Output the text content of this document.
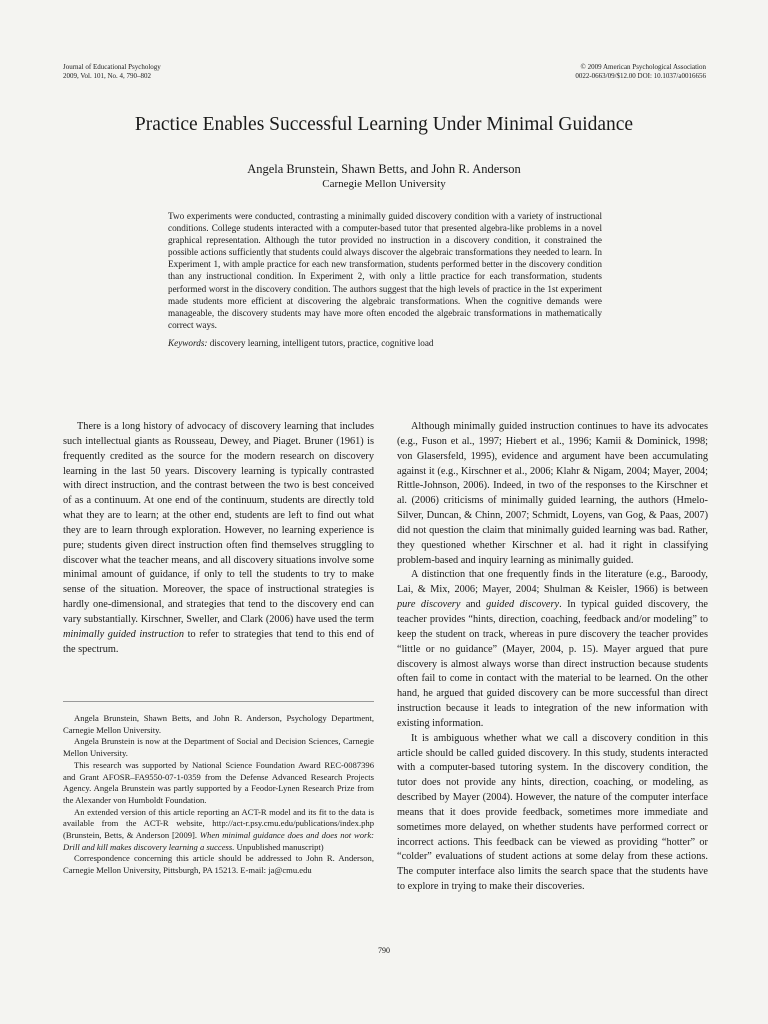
Journal of Educational Psychology
2009, Vol. 101, No. 4, 790–802
© 2009 American Psychological Association
0022-0663/09/$12.00 DOI: 10.1037/a0016656
Practice Enables Successful Learning Under Minimal Guidance
Angela Brunstein, Shawn Betts, and John R. Anderson
Carnegie Mellon University

Two experiments were conducted, contrasting a minimally guided discovery condition with a variety of instructional conditions. College students interacted with a computer-based tutor that presented algebra-like problems in a novel graphical representation. Although the tutor provided no instruction in a discovery condition, it constrained the possible actions sufficiently that students could always discover the algebraic transformations they needed to learn. In Experiment 1, with ample practice for each new transformation, students performed better in the discovery condition than any instructional condition. In Experiment 2, with only a little practice for each transformation, students performed worst in the discovery condition. The authors suggest that the high levels of practice in the 1st experiment made students more efficient at discovering the algebraic transformations. When the cognitive demands were manageable, the discovery students may have more often encoded the algebraic transformations in mathematically correct ways.

Keywords: discovery learning, intelligent tutors, practice, cognitive load

There is a long history of advocacy of discovery learning that includes such intellectual giants as Rousseau, Dewey, and Piaget. Bruner (1961) is frequently credited as the source for the modern research on discovery learning in the last 50 years. Discovery learning is typically contrasted with direct instruction, and the contrast between the two is best conceived of as a continuum. At one end of the continuum, students are directly told what they are to learn; at the other end, students are left to find out what they are to learn through exploration. However, no learning experience is pure; students given direct instruction often find themselves struggling to discover what the teacher means, and all discovery situations involve some minimal amount of guidance, if only to tell the students to try to make sense of the situation. Moreover, the space of instructional strategies is hardly one-dimensional, and strategies that tend to the discovery end can vary substantially. Kirschner, Sweller, and Clark (2006) have used the term minimally guided instruction to refer to strategies that tend to this end of the spectrum.

Angela Brunstein, Shawn Betts, and John R. Anderson, Psychology Department, Carnegie Mellon University.

Angela Brunstein is now at the Department of Social and Decision Sciences, Carnegie Mellon University.

This research was supported by National Science Foundation Award REC-0087396 and Grant AFOSR–FA9550-07-1-0359 from the Defense Advanced Research Projects Agency. Angela Brunstein was partly supported by a Feodor-Lynen Research Prize from the Alexander von Humboldt Foundation.

An extended version of this article reporting an ACT-R model and its fit to the data is available from the ACT-R website, http://act-r.psy.cmu.edu/publications/index.php (Brunstein, Betts, & Anderson [2009]. When minimal guidance does and does not work: Drill and kill makes discovery learning a success. Unpublished manuscript)

Correspondence concerning this article should be addressed to John R. Anderson, Carnegie Mellon University, Pittsburgh, PA 15213. E-mail: ja@cmu.edu

Although minimally guided instruction continues to have its advocates (e.g., Fuson et al., 1997; Hiebert et al., 1996; Kamii & Dominick, 1998; von Glasersfeld, 1995), evidence and argument have been accumulating against it (e.g., Kirschner et al., 2006; Klahr & Nigam, 2004; Mayer, 2004; Rittle-Johnson, 2006). Indeed, in two of the responses to the Kirschner et al. (2006) criticisms of minimally guided learning, the authors (Hmelo-Silver, Duncan, & Chinn, 2007; Schmidt, Loyens, van Gog, & Paas, 2007) did not question the claim that minimally guided learning was bad. Rather, they questioned whether Kirschner et al. had it right in classifying problem-based and inquiry learning as minimally guided.

A distinction that one frequently finds in the literature (e.g., Baroody, Lai, & Mix, 2006; Mayer, 2004; Shulman & Keisler, 1966) is between pure discovery and guided discovery. In typical guided discovery, the teacher provides “hints, direction, coaching, feedback and/or modeling” to keep the student on track, whereas in pure discovery the teacher provides “little or no guidance” (Mayer, 2004, p. 15). Mayer argued that pure discovery is almost always worse than direct instruction because students often fail to come in contact with the material to be learned. On the other hand, he argued that guided discovery can be more successful than direct instruction because it leads to integration of the new information with existing information.

It is ambiguous whether what we call a discovery condition in this article should be called guided discovery. In this study, students interacted with a computer-based tutoring system. In the discovery condition, the tutor does not provide any hints, direction, coaching, or modeling, as described by Mayer (2004). However, the nature of the computer interface means that it does provide feedback, sometimes more immediate and sometimes more delayed, on whether students have performed correct or incorrect actions. This feedback can be viewed as providing “hotter” or “colder” evaluations of student actions at some delay from these actions. The computer interface also limits the search space that the students have to explore in trying to make their discoveries.

790
